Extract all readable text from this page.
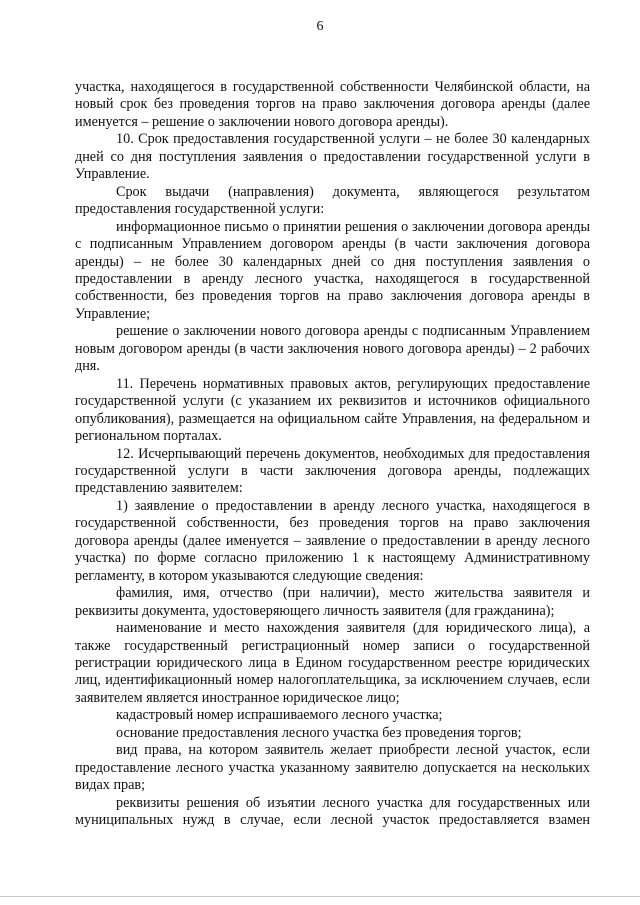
6

участка, находящегося в государственной собственности Челябинской области, на новый срок без проведения торгов на право заключения договора аренды (далее именуется – решение о заключении нового договора аренды).

10. Срок предоставления государственной услуги – не более 30 календарных дней со дня поступления заявления о предоставлении государственной услуги в Управление.

Срок выдачи (направления) документа, являющегося результатом предоставления государственной услуги:

информационное письмо о принятии решения о заключении договора аренды с подписанным Управлением договором аренды (в части заключения договора аренды) – не более 30 календарных дней со дня поступления заявления о предоставлении в аренду лесного участка, находящегося в государственной собственности, без проведения торгов на право заключения договора аренды в Управление;

решение о заключении нового договора аренды с подписанным Управлением новым договором аренды (в части заключения нового договора аренды) – 2 рабочих дня.

11. Перечень нормативных правовых актов, регулирующих предоставление государственной услуги (с указанием их реквизитов и источников официального опубликования), размещается на официальном сайте Управления, на федеральном и региональном порталах.

12. Исчерпывающий перечень документов, необходимых для предоставления государственной услуги в части заключения договора аренды, подлежащих представлению заявителем:

1) заявление о предоставлении в аренду лесного участка, находящегося в государственной собственности, без проведения торгов на право заключения договора аренды (далее именуется – заявление о предоставлении в аренду лесного участка) по форме согласно приложению 1 к настоящему Административному регламенту, в котором указываются следующие сведения:

фамилия, имя, отчество (при наличии), место жительства заявителя и реквизиты документа, удостоверяющего личность заявителя (для гражданина);

наименование и место нахождения заявителя (для юридического лица), а также государственный регистрационный номер записи о государственной регистрации юридического лица в Едином государственном реестре юридических лиц, идентификационный номер налогоплательщика, за исключением случаев, если заявителем является иностранное юридическое лицо;

кадастровый номер испрашиваемого лесного участка;

основание предоставления лесного участка без проведения торгов;

вид права, на котором заявитель желает приобрести лесной участок, если предоставление лесного участка указанному заявителю допускается на нескольких видах прав;

реквизиты решения об изъятии лесного участка для государственных или муниципальных нужд в случае, если лесной участок предоставляется взамен
